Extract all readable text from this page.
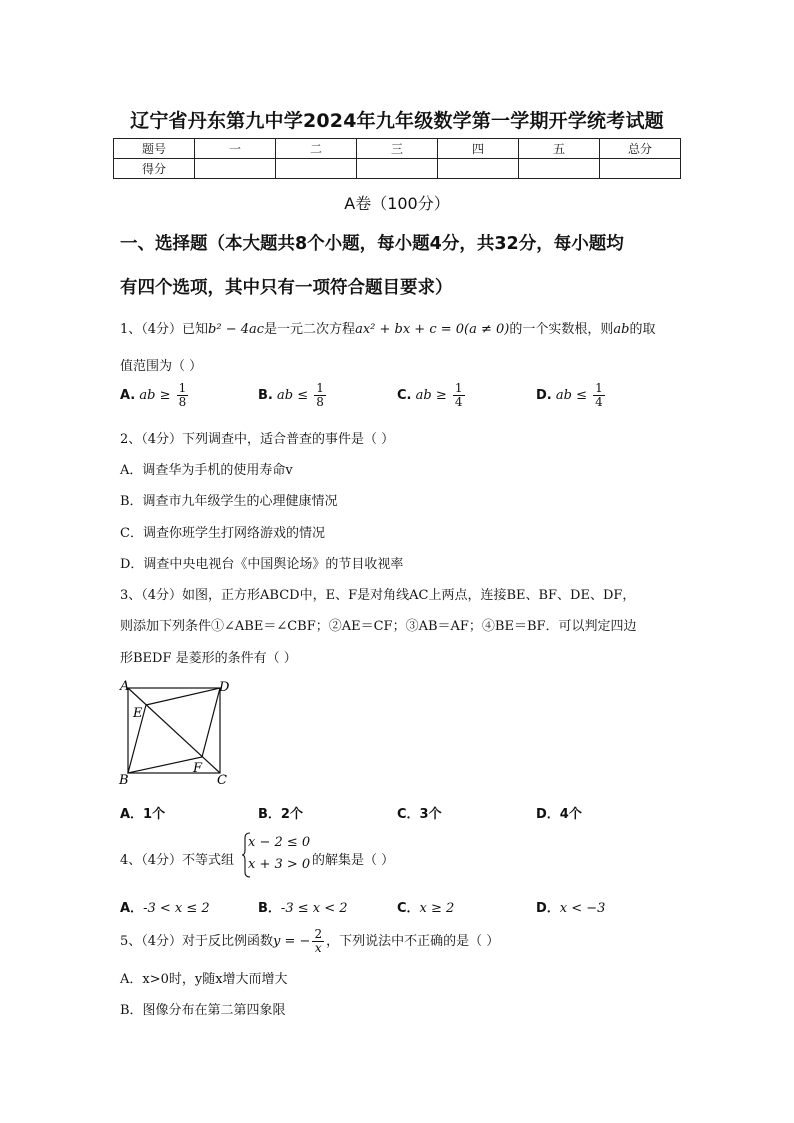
辽宁省丹东第九中学2024年九年级数学第一学期开学统考试题
题号	一	二	三	四	五	总分
得分						
A卷（100分）
一、选择题（本大题共8个小题，每小题4分，共32分，每小题均
有四个选项，其中只有一项符合题目要求）
1、（4分）已知b² − 4ac是一元二次方程ax² + bx + c = 0(a ≠ 0)的一个实数根，则ab的取
值范围为（ ）
A. ab ≥ $\frac{1}{8}$	B. ab ≤ $\frac{1}{8}$	C. ab ≥ $\frac{1}{4}$	D. ab ≤ $\frac{1}{4}$
2、（4分）下列调查中，适合普查的事件是（ ）
A．调查华为手机的使用寿命v
B．调查市九年级学生的心理健康情况
C．调查你班学生打网络游戏的情况
D．调查中央电视台《中国舆论场》的节目收视率
3、（4分）如图，正方形ABCD中，E、F是对角线AC上两点，连接BE、BF、DE、DF，
则添加下列条件①∠ABE＝∠CBF；②AE＝CF；③AB＝AF；④BE＝BF．可以判定四边
形BEDF 是菱形的条件有（ ）
A	D
E
F
B	C
A．1个	B．2个	C．3个	D．4个
4、（4分）不等式组
x − 2 ≤ 0
x + 3 > 0 的解集是（ ）
A．-3 < x ≤ 2	B．-3 ≤ x < 2	C．x ≥ 2	D．x < −3
5、（4分）对于反比例函数y = − $\frac{2}{x}$ ，下列说法中不正确的是（ ）
A．x>0时，y随x增大而增大
B．图像分布在第二第四象限
